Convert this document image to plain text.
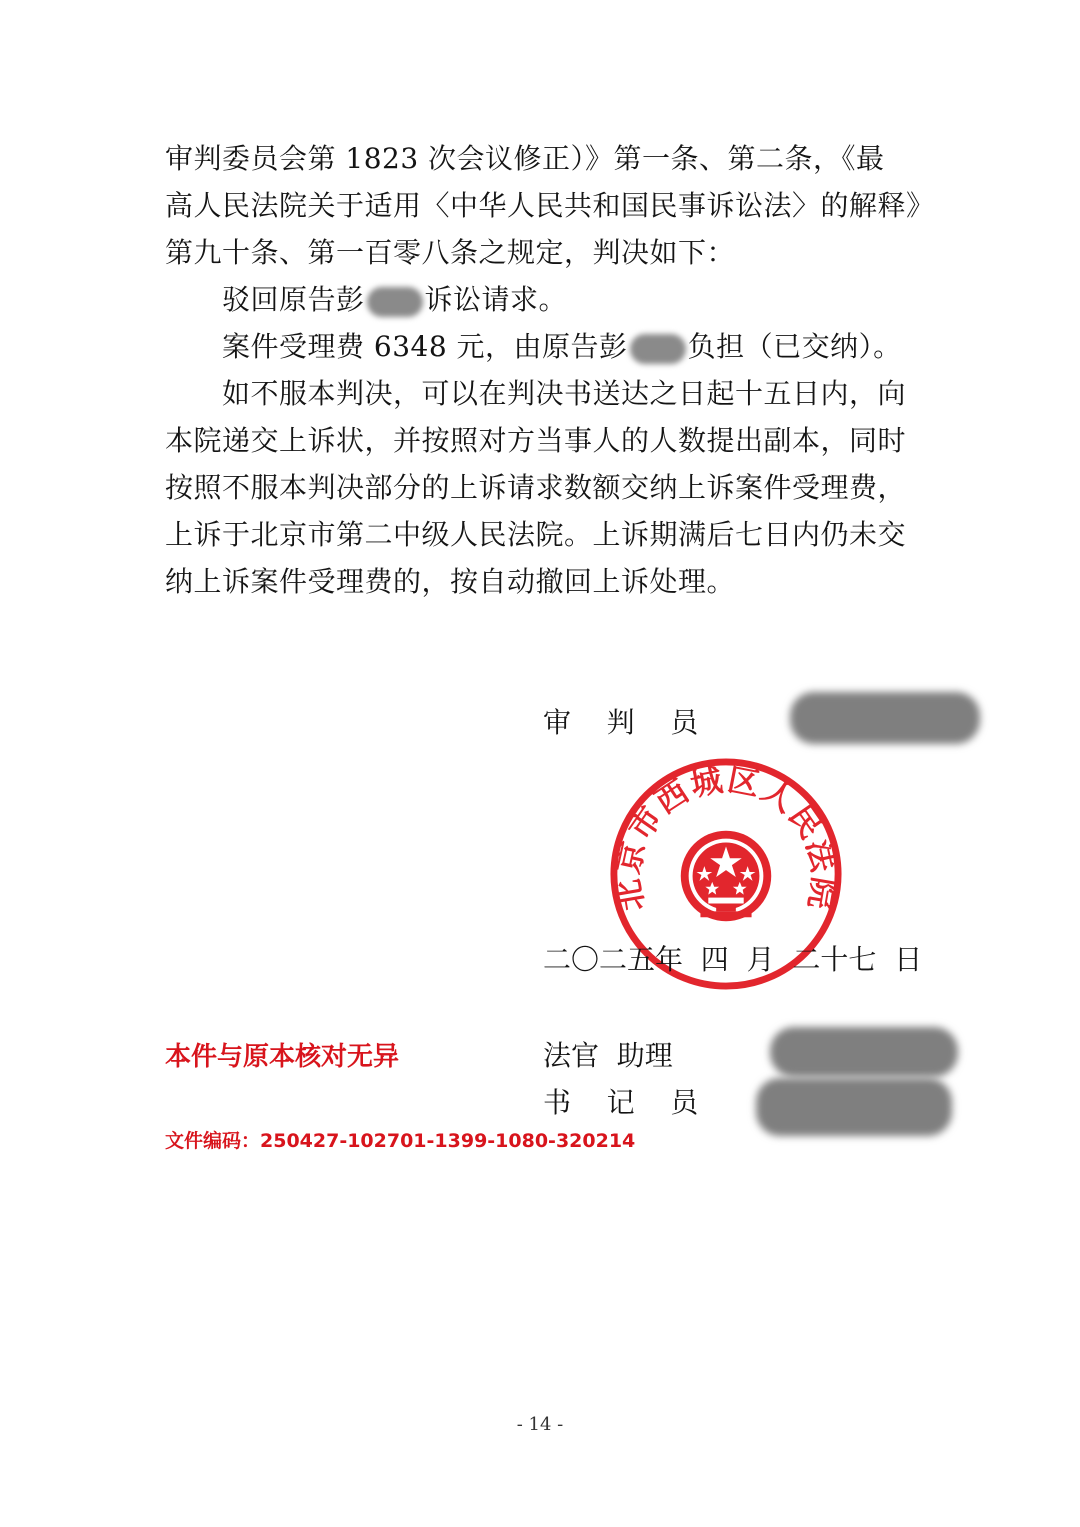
审判委员会第 1823 次会议修正）》第一条、第二条，《最
高人民法院关于适用〈中华人民共和国民事诉讼法〉的解释》
第九十条、第一百零八条之规定，判决如下：
驳回原告彭 诉讼请求。
案件受理费 6348 元，由原告彭 负担（已交纳）。
如不服本判决，可以在判决书送达之日起十五日内，向
本院递交上诉状，并按照对方当事人的人数提出副本，同时
按照不服本判决部分的上诉请求数额交纳上诉案件受理费，
上诉于北京市第二中级人民法院。上诉期满后七日内仍未交
纳上诉案件受理费的，按自动撤回上诉处理。
审    判    员
北京市西城区人民法院
二〇二五年  四  月  二十七  日
本件与原本核对无异	法官  助理
书    记    员
文件编码：250427-102701-1399-1080-320214
- 14 -
